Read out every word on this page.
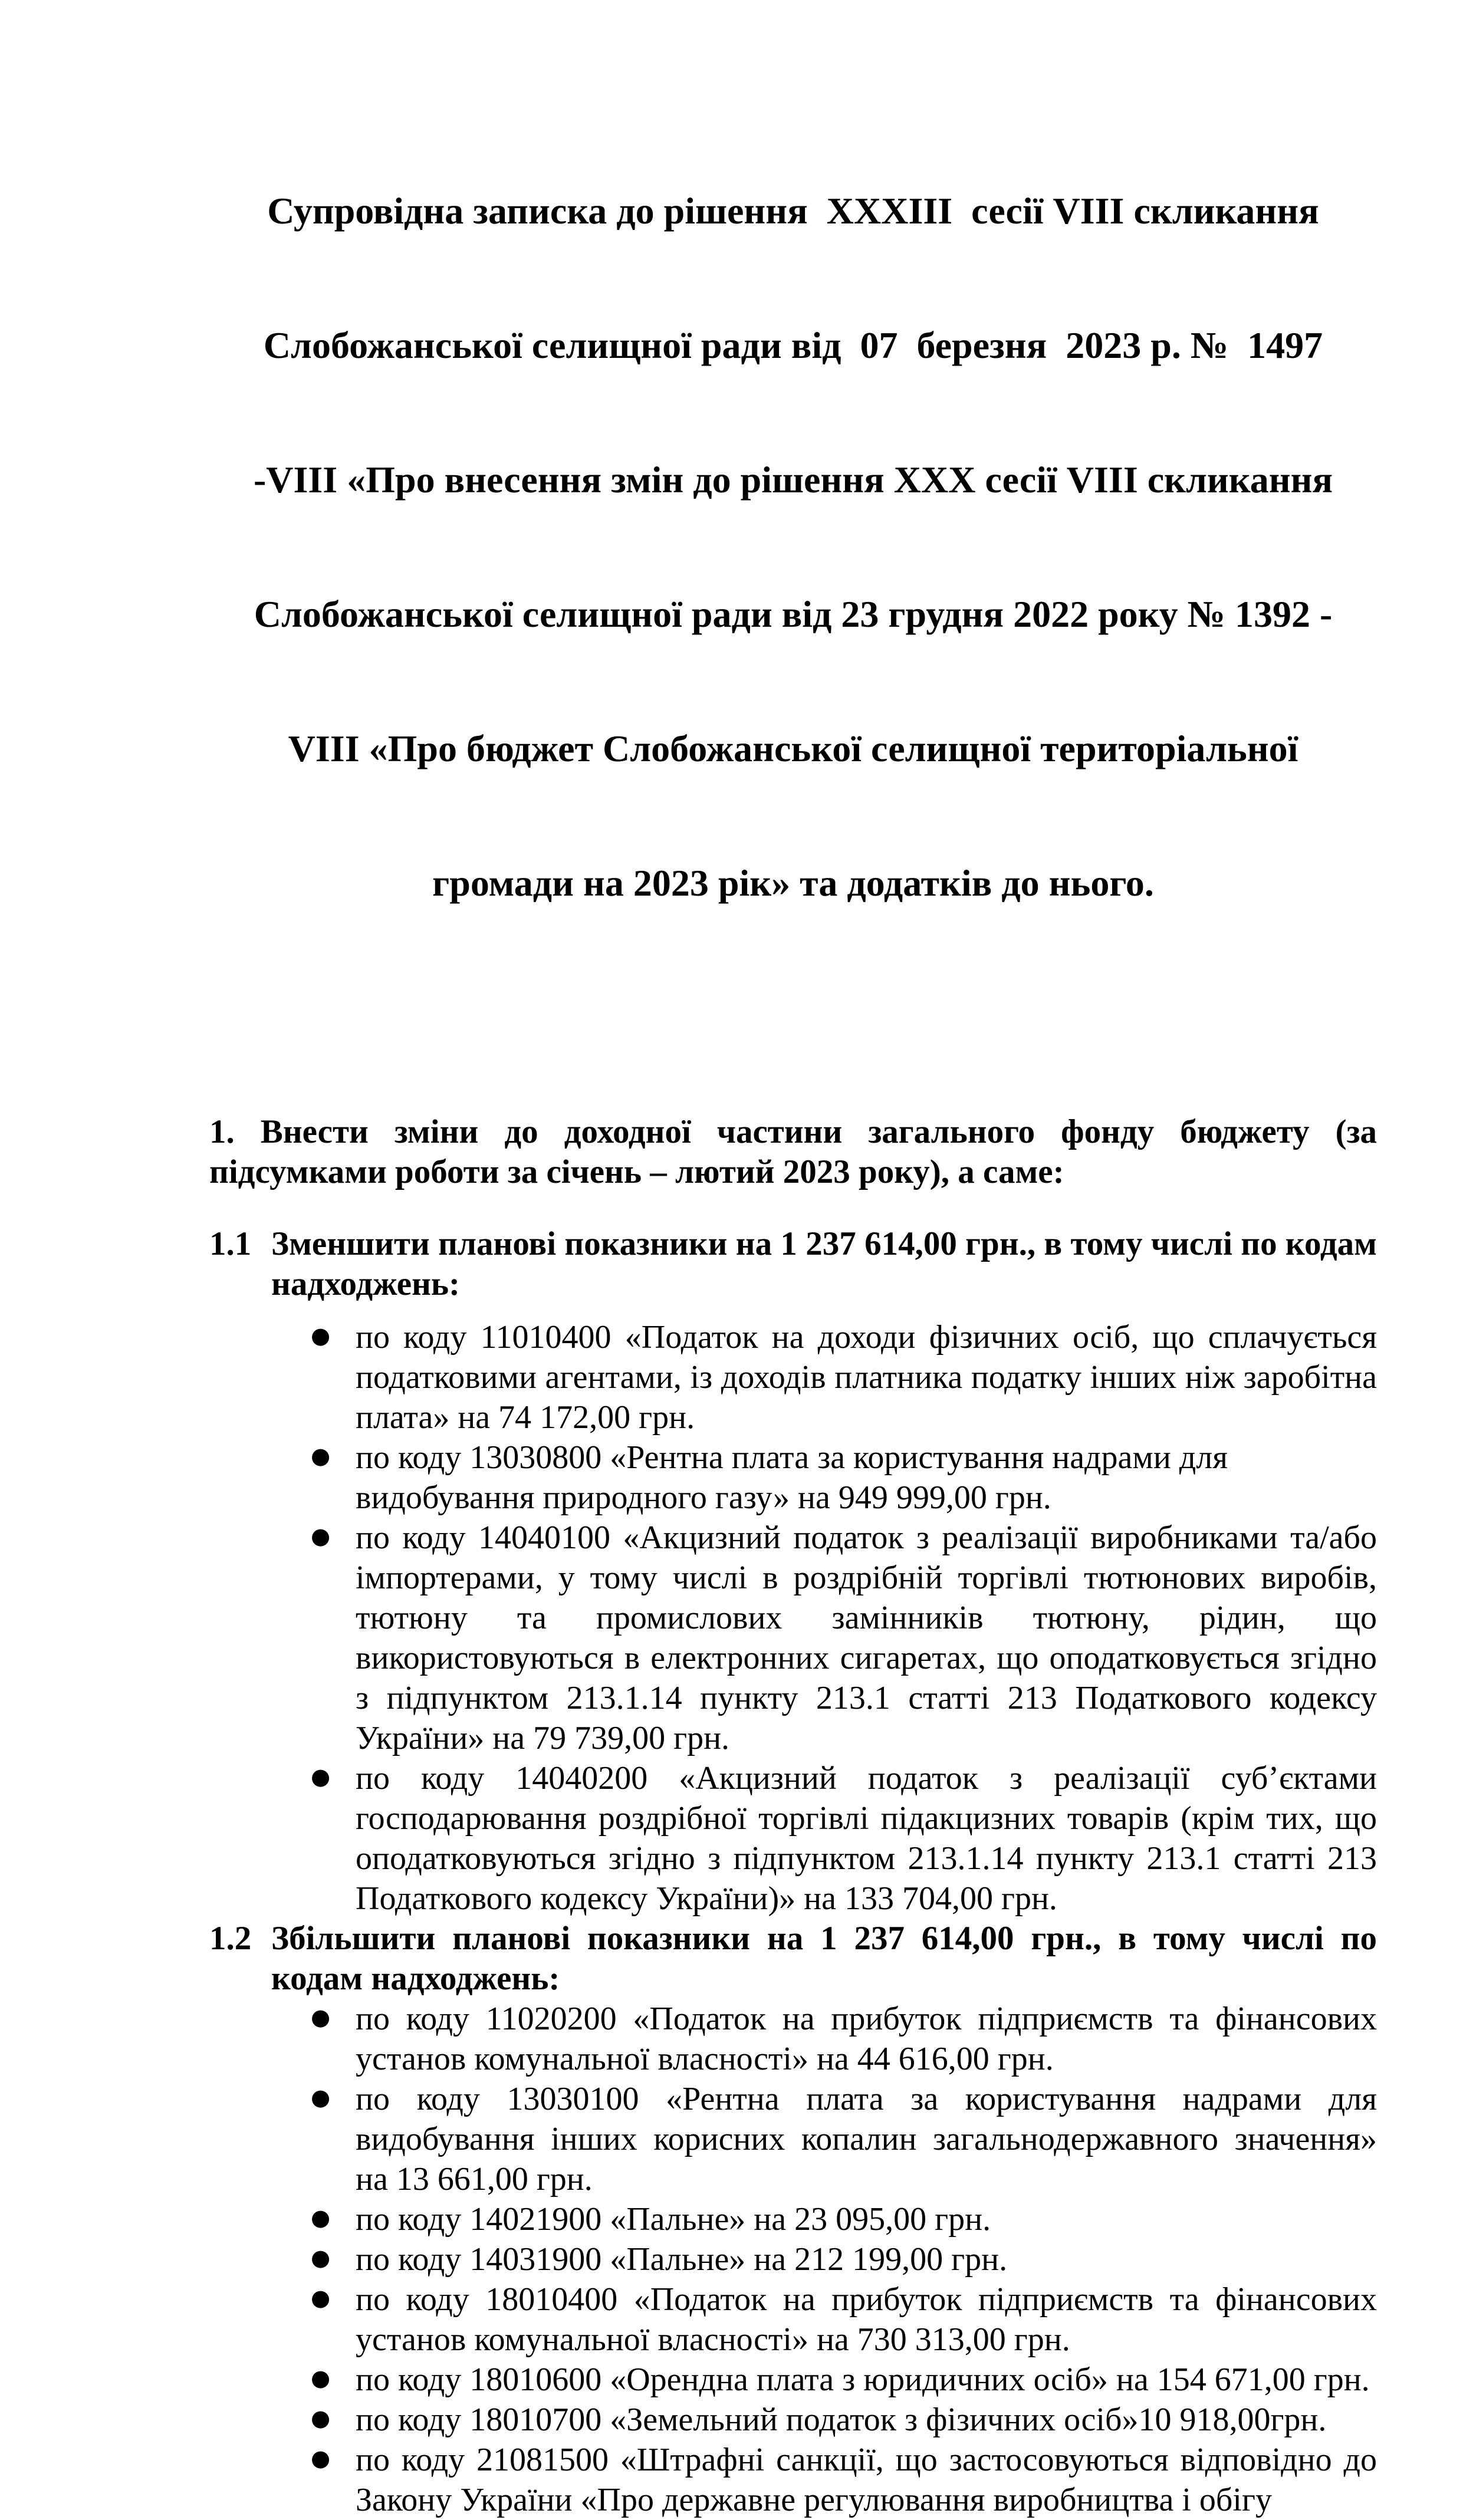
Супровідна записка до рішення  XXXIII  сесії VIII скликання

Слобожанської селищної ради від  07  березня  2023 р. №  1497

-VIII «Про внесення змін до рішення XXX сесії VIII скликання

Слобожанської селищної ради від 23 грудня 2022 року № 1392 -

VIII «Про бюджет Слобожанської селищної територіальної

громади на 2023 рік» та додатків до нього.

1. Внести зміни до доходної частини загального фонду бюджету (за підсумками роботи за січень – лютий 2023 року), а саме:

1.1 Зменшити планові показники на 1 237 614,00 грн., в тому числі по кодам надходжень:
● по коду 11010400 «Податок на доходи фізичних осіб, що сплачується податковими агентами, із доходів платника податку інших ніж заробітна плата» на 74 172,00 грн.
● по коду 13030800 «Рентна плата за користування надрами для видобування природного газу» на 949 999,00 грн.
● по коду 14040100 «Акцизний податок з реалізації виробниками та/або імпортерами, у тому числі в роздрібній торгівлі тютюнових виробів, тютюну та промислових замінників тютюну, рідин, що використовуються в електронних сигаретах, що оподатковується згідно з підпунктом 213.1.14 пункту 213.1 статті 213 Податкового кодексу України» на 79 739,00 грн.
● по коду 14040200 «Акцизний податок з реалізації суб’єктами господарювання роздрібної торгівлі підакцизних товарів (крім тих, що оподатковуються згідно з підпунктом 213.1.14 пункту 213.1 статті 213 Податкового кодексу України)» на 133 704,00 грн.
1.2 Збільшити планові показники на 1 237 614,00 грн., в тому числі по кодам надходжень:
● по коду 11020200 «Податок на прибуток підприємств та фінансових установ комунальної власності» на 44 616,00 грн.
● по коду 13030100 «Рентна плата за користування надрами для видобування інших корисних копалин загальнодержавного значення» на 13 661,00 грн.
● по коду 14021900 «Пальне» на 23 095,00 грн.
● по коду 14031900 «Пальне» на 212 199,00 грн.
● по коду 18010400 «Податок на прибуток підприємств та фінансових установ комунальної власності» на 730 313,00 грн.
● по коду 18010600 «Орендна плата з юридичних осіб» на 154 671,00 грн.
● по коду 18010700 «Земельний податок з фізичних осіб»10 918,00грн.
● по коду 21081500 «Штрафні санкції, що застосовуються відповідно до Закону України «Про державне регулювання виробництва і обігу
